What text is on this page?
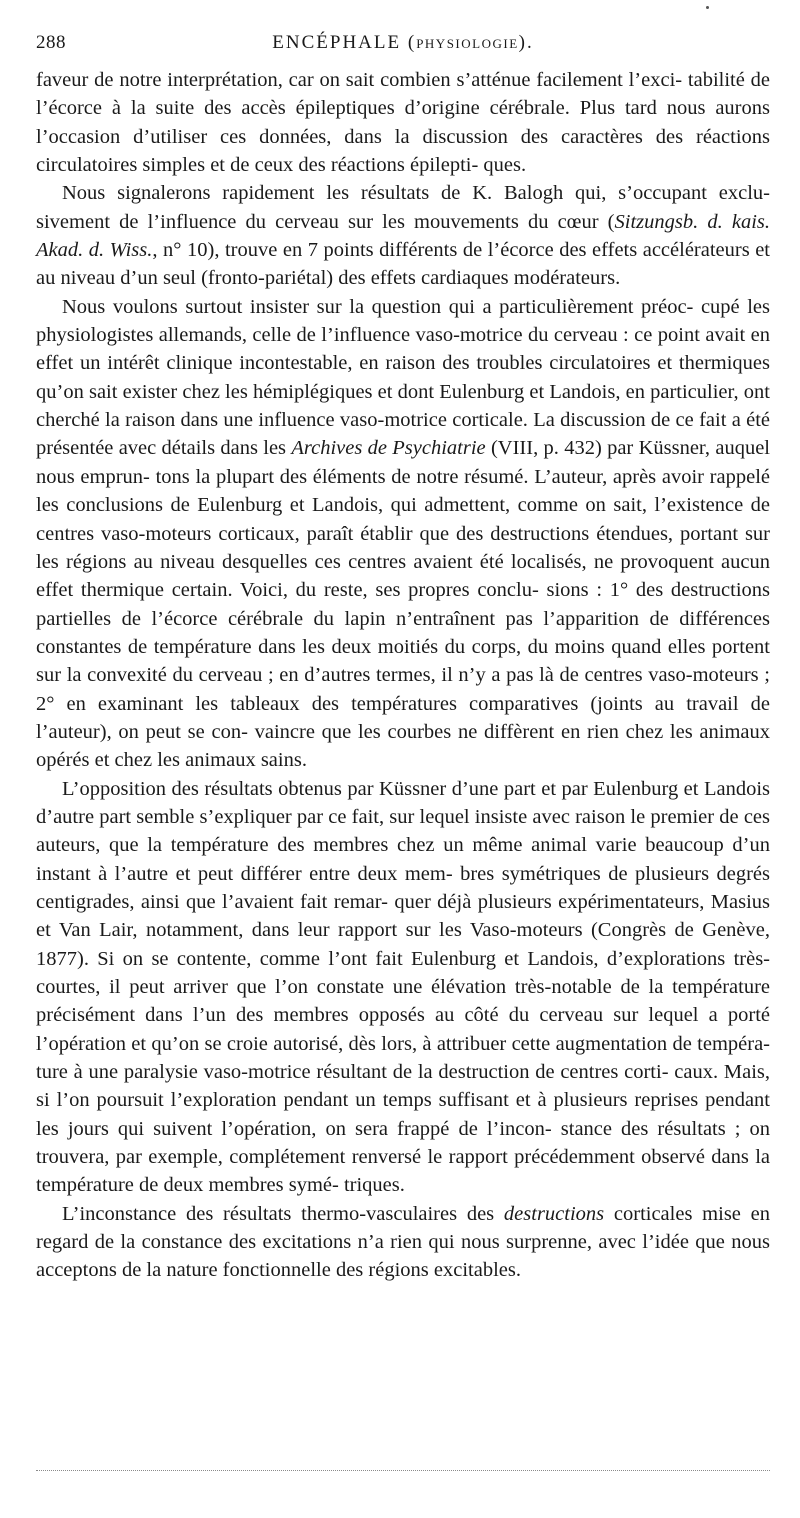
288	ENCÉPHALE (PHYSIOLOGIE).

faveur de notre interprétation, car on sait combien s’atténue facilement l’exci- tabilité de l’écorce à la suite des accès épileptiques d’origine cérébrale. Plus tard nous aurons l’occasion d’utiliser ces données, dans la discussion des caractères des réactions circulatoires simples et de ceux des réactions épilepti- ques.

Nous signalerons rapidement les résultats de K. Balogh qui, s’occupant exclu- sivement de l’influence du cerveau sur les mouvements du cœur (Sitzungsb. d. kais. Akad. d. Wiss., n° 10), trouve en 7 points différents de l’écorce des effets accélérateurs et au niveau d’un seul (fronto-pariétal) des effets cardiaques modérateurs.

Nous voulons surtout insister sur la question qui a particulièrement préoc- cupé les physiologistes allemands, celle de l’influence vaso-motrice du cerveau : ce point avait en effet un intérêt clinique incontestable, en raison des troubles circulatoires et thermiques qu’on sait exister chez les hémiplégiques et dont Eulenburg et Landois, en particulier, ont cherché la raison dans une influence vaso-motrice corticale. La discussion de ce fait a été présentée avec détails dans les Archives de Psychiatrie (VIII, p. 432) par Küssner, auquel nous emprun- tons la plupart des éléments de notre résumé. L’auteur, après avoir rappelé les conclusions de Eulenburg et Landois, qui admettent, comme on sait, l’existence de centres vaso-moteurs corticaux, paraît établir que des destructions étendues, portant sur les régions au niveau desquelles ces centres avaient été localisés, ne provoquent aucun effet thermique certain. Voici, du reste, ses propres conclu- sions : 1° des destructions partielles de l’écorce cérébrale du lapin n’entraînent pas l’apparition de différences constantes de température dans les deux moitiés du corps, du moins quand elles portent sur la convexité du cerveau ; en d’autres termes, il n’y a pas là de centres vaso-moteurs ; 2° en examinant les tableaux des températures comparatives (joints au travail de l’auteur), on peut se con- vaincre que les courbes ne diffèrent en rien chez les animaux opérés et chez les animaux sains.

L’opposition des résultats obtenus par Küssner d’une part et par Eulenburg et Landois d’autre part semble s’expliquer par ce fait, sur lequel insiste avec raison le premier de ces auteurs, que la température des membres chez un même animal varie beaucoup d’un instant à l’autre et peut différer entre deux mem- bres symétriques de plusieurs degrés centigrades, ainsi que l’avaient fait remar- quer déjà plusieurs expérimentateurs, Masius et Van Lair, notamment, dans leur rapport sur les Vaso-moteurs (Congrès de Genève, 1877). Si on se contente, comme l’ont fait Eulenburg et Landois, d’explorations très-courtes, il peut arriver que l’on constate une élévation très-notable de la température précisément dans l’un des membres opposés au côté du cerveau sur lequel a porté l’opération et qu’on se croie autorisé, dès lors, à attribuer cette augmentation de tempéra- ture à une paralysie vaso-motrice résultant de la destruction de centres corti- caux. Mais, si l’on poursuit l’exploration pendant un temps suffisant et à plusieurs reprises pendant les jours qui suivent l’opération, on sera frappé de l’incon- stance des résultats ; on trouvera, par exemple, complétement renversé le rapport précédemment observé dans la température de deux membres symé- triques.

L’inconstance des résultats thermo-vasculaires des destructions corticales mise en regard de la constance des excitations n’a rien qui nous surprenne, avec l’idée que nous acceptons de la nature fonctionnelle des régions excitables.
